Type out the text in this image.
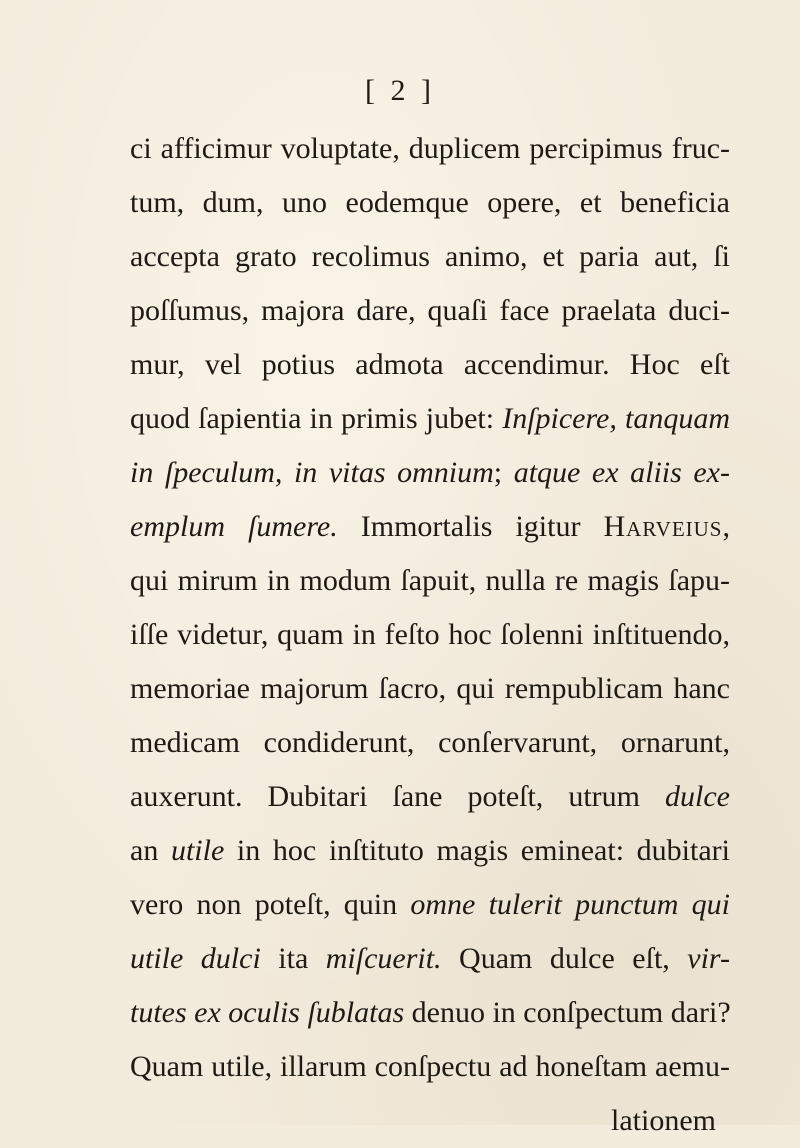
[ 2 ]
ci afficimur voluptate, duplicem percipimus fruc-
tum, dum, uno eodemque opere, et beneficia
accepta grato recolimus animo, et paria aut, ſi
poſſumus, majora dare, quaſi face praelata duci-
mur, vel potius admota accendimur. Hoc eſt
quod ſapientia in primis jubet: Inſpicere, tanquam
in ſpeculum, in vitas omnium; atque ex aliis ex-
emplum ſumere. Immortalis igitur Harveius,
qui mirum in modum ſapuit, nulla re magis ſapu-
iſſe videtur, quam in feſto hoc ſolenni inſtituendo,
memoriae majorum ſacro, qui rempublicam hanc
medicam condiderunt, conſervarunt, ornarunt,
auxerunt. Dubitari ſane poteſt, utrum dulce
an utile in hoc inſtituto magis emineat: dubitari
vero non poteſt, quin omne tulerit punctum qui
utile dulci ita miſcuerit. Quam dulce eſt, vir-
tutes ex oculis ſublatas denuo in conſpectum dari?
Quam utile, illarum conſpectu ad honeſtam aemu-
lationem
